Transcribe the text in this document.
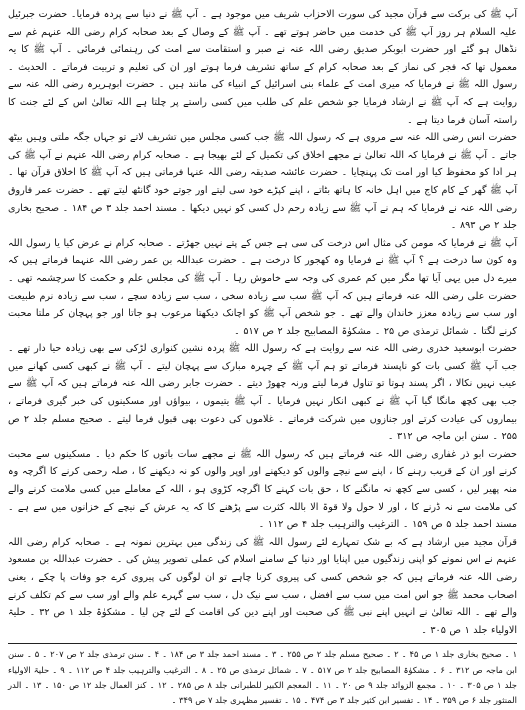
آپ ﷺ کی برکت سے قرآن مجید کی سورت الاحزاب شریف میں موجود ہے ۔ آپ ﷺ نے دنیا سے پردہ فرمایا۔ حضرت جبرئیل علیہ السلام ہر روز آپ ﷺ کی خدمت میں حاضر ہوتے تھے ۔ آپ ﷺ کے وصال کے بعد صحابہ کرام رضی اللہ عنہم غم سے نڈھال ہو گئے اور حضرت ابوبکر صدیق رضی اللہ عنہ نے صبر و استقامت سے امت کی رہنمائی فرمائی ۔ آپ ﷺ کا یہ معمول تھا کہ فجر کی نماز کے بعد صحابہ کرام کے ساتھ تشریف فرما ہوتے اور ان کی تعلیم و تربیت فرماتے ۔ الحدیث ۔ رسول اللہ ﷺ نے فرمایا کہ میری امت کے علماء بنی اسرائیل کے انبیاء کی مانند ہیں ۔ حضرت ابوہریرہ رضی اللہ عنہ سے روایت ہے کہ آپ ﷺ نے ارشاد فرمایا جو شخص علم کی طلب میں کسی راستے پر چلتا ہے اللہ تعالیٰ اس کے لئے جنت کا راستہ آسان فرما دیتا ہے ۔

حضرت انس رضی اللہ عنہ سے مروی ہے کہ رسول اللہ ﷺ جب کسی مجلس میں تشریف لاتے تو جہاں جگہ ملتی وہیں بیٹھ جاتے ۔ آپ ﷺ نے فرمایا کہ اللہ تعالیٰ نے مجھے اخلاق کی تکمیل کے لئے بھیجا ہے ۔ صحابہ کرام رضی اللہ عنہم نے آپ ﷺ کی ہر ادا کو محفوظ کیا اور امت تک پہنچایا ۔ حضرت عائشہ صدیقہ رضی اللہ عنہا فرماتی ہیں کہ آپ ﷺ کا اخلاق قرآن تھا ۔ آپ ﷺ گھر کے کام کاج میں اہل خانہ کا ہاتھ بٹاتے ، اپنے کپڑے خود سی لیتے اور جوتے خود گانٹھ لیتے تھے ۔ حضرت عمر فاروق رضی اللہ عنہ نے فرمایا کہ ہم نے آپ ﷺ سے زیادہ رحم دل کسی کو نہیں دیکھا ۔ مسند احمد جلد ۳ ص ۱۸۴ ۔ صحیح بخاری جلد ۲ ص ۸۹۳ ۔

آپ ﷺ نے فرمایا کہ مومن کی مثال اس درخت کی سی ہے جس کے پتے نہیں جھڑتے ۔ صحابہ کرام نے عرض کیا یا رسول اللہ وہ کون سا درخت ہے ؟ آپ ﷺ نے فرمایا وہ کھجور کا درخت ہے ۔ حضرت عبداللہ بن عمر رضی اللہ عنہما فرماتے ہیں کہ میرے دل میں یہی آیا تھا مگر میں کم عمری کی وجہ سے خاموش رہا ۔ آپ ﷺ کی مجلس علم و حکمت کا سرچشمہ تھی ۔ حضرت علی رضی اللہ عنہ فرماتے ہیں کہ آپ ﷺ سب سے زیادہ سخی ، سب سے زیادہ سچے ، سب سے زیادہ نرم طبیعت اور سب سے زیادہ معزز خاندان والے تھے ۔ جو شخص آپ ﷺ کو اچانک دیکھتا مرعوب ہو جاتا اور جو پہچان کر ملتا محبت کرنے لگتا ۔ شمائل ترمذی ص ۲۵ ۔ مشکوٰۃ المصابیح جلد ۲ ص ۵۱۷ ۔

حضرت ابوسعید خدری رضی اللہ عنہ سے روایت ہے کہ رسول اللہ ﷺ پردہ نشین کنواری لڑکی سے بھی زیادہ حیا دار تھے ۔ جب آپ ﷺ کسی بات کو ناپسند فرماتے تو ہم آپ ﷺ کے چہرہ مبارک سے پہچان لیتے ۔ آپ ﷺ نے کبھی کسی کھانے میں عیب نہیں نکالا ، اگر پسند ہوتا تو تناول فرما لیتے ورنہ چھوڑ دیتے ۔ حضرت جابر رضی اللہ عنہ فرماتے ہیں کہ آپ ﷺ سے جب بھی کچھ مانگا گیا آپ ﷺ نے کبھی انکار نہیں فرمایا ۔ آپ ﷺ یتیموں ، بیواؤں اور مسکینوں کی خبر گیری فرماتے ، بیماروں کی عیادت کرتے اور جنازوں میں شرکت فرماتے ۔ غلاموں کی دعوت بھی قبول فرما لیتے ۔ صحیح مسلم جلد ۲ ص ۲۵۵ ۔ سنن ابن ماجہ ص ۳۱۲ ۔

حضرت ابو ذر غفاری رضی اللہ عنہ فرماتے ہیں کہ رسول اللہ ﷺ نے مجھے سات باتوں کا حکم دیا ۔ مسکینوں سے محبت کرنے اور ان کے قریب رہنے کا ، اپنے سے نیچے والوں کو دیکھنے اور اوپر والوں کو نہ دیکھنے کا ، صلہ رحمی کرنے کا اگرچہ وہ منہ پھیر لیں ، کسی سے کچھ نہ مانگنے کا ، حق بات کہنے کا اگرچہ کڑوی ہو ، اللہ کے معاملے میں کسی ملامت کرنے والے کی ملامت سے نہ ڈرنے کا ، اور لا حول ولا قوۃ الا باللہ کثرت سے پڑھنے کا کہ یہ عرش کے نیچے کے خزانوں میں سے ہے ۔ مسند احمد جلد ۵ ص ۱۵۹ ۔ الترغیب والترہیب جلد ۴ ص ۱۱۲ ۔

قرآن مجید میں ارشاد ہے کہ بے شک تمہارے لئے رسول اللہ ﷺ کی زندگی میں بہترین نمونہ ہے ۔ صحابہ کرام رضی اللہ عنہم نے اس نمونے کو اپنی زندگیوں میں اپنایا اور دنیا کے سامنے اسلام کی عملی تصویر پیش کی ۔ حضرت عبداللہ بن مسعود رضی اللہ عنہ فرماتے ہیں کہ جو شخص کسی کی پیروی کرنا چاہے تو ان لوگوں کی پیروی کرے جو وفات پا چکے ، یعنی اصحاب محمد ﷺ جو اس امت میں سب سے افضل ، سب سے نیک دل ، سب سے گہرے علم والے اور سب سے کم تکلف کرنے والے تھے ۔ اللہ تعالیٰ نے انہیں اپنے نبی ﷺ کی صحبت اور اپنے دین کی اقامت کے لئے چن لیا ۔ مشکوٰۃ جلد ۱ ص ۳۲ ۔ حلیۃ الاولیاء جلد ۱ ص ۳۰۵ ۔

۱ ۔ صحیح بخاری جلد ۱ ص ۴۵ ۔ ۲ ۔ صحیح مسلم جلد ۲ ص ۲۵۵ ۔ ۳ ۔ مسند احمد جلد ۳ ص ۱۸۴ ۔ ۴ ۔ سنن ترمذی جلد ۲ ص ۲۰۷ ۔ ۵ ۔ سنن ابن ماجہ ص ۳۱۲ ۔ ۶ ۔ مشکوٰۃ المصابیح جلد ۲ ص ۵۱۷ ۔ ۷ ۔ شمائل ترمذی ص ۲۵ ۔ ۸ ۔ الترغیب والترہیب جلد ۴ ص ۱۱۲ ۔ ۹ ۔ حلیۃ الاولیاء جلد ۱ ص ۳۰۵ ۔ ۱۰ ۔ مجمع الزوائد جلد ۹ ص ۲۰ ۔ ۱۱ ۔ المعجم الکبیر للطبرانی جلد ۸ ص ۲۸۵ ۔ ۱۲ ۔ کنز العمال جلد ۱۲ ص ۱۵۰ ۔ ۱۳ ۔ الدر المنثور جلد ۶ ص ۳۵۹ ۔ ۱۴ ۔ تفسیر ابن کثیر جلد ۳ ص ۴۷۴ ۔ ۱۵ ۔ تفسیر مظہری جلد ۷ ص ۳۴۹ ۔
